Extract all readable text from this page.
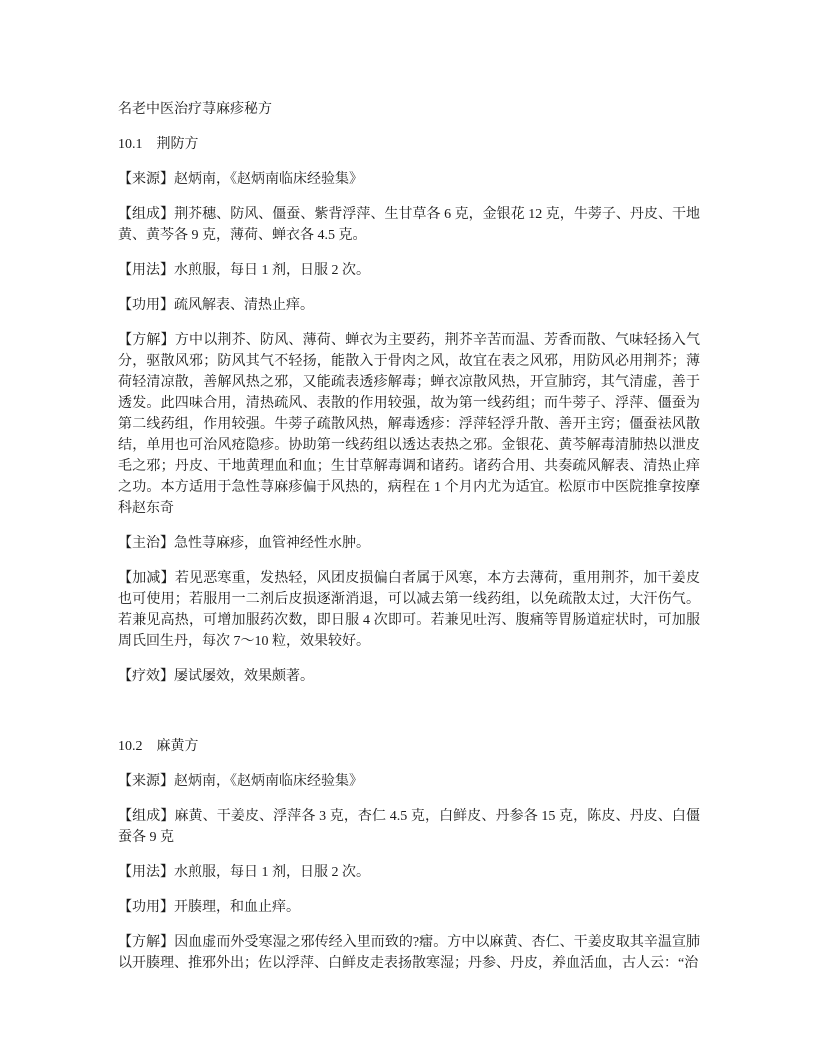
名老中医治疗荨麻疹秘方

10.1　荆防方

【来源】赵炳南，《赵炳南临床经验集》

【组成】荆芥穗、防风、僵蚕、紫背浮萍、生甘草各 6 克，金银花 12 克，牛蒡子、丹皮、干地黄、黄芩各 9 克，薄荷、蝉衣各 4.5 克。

【用法】水煎服，每日 1 剂，日服 2 次。

【功用】疏风解表、清热止痒。

【方解】方中以荆芥、防风、薄荷、蝉衣为主要药，荆芥辛苦而温、芳香而散、气味轻扬入气分，驱散风邪；防风其气不轻扬，能散入于骨肉之风，故宜在表之风邪，用防风必用荆芥；薄荷轻清凉散，善解风热之邪，又能疏表透疹解毒；蝉衣凉散风热，开宣肺窍，其气清虚，善于透发。此四味合用，清热疏风、表散的作用较强，故为第一线药组；而牛蒡子、浮萍、僵蚕为第二线药组，作用较强。牛蒡子疏散风热，解毒透疹：浮萍轻浮升散、善开主窍；僵蚕祛风散结，单用也可治风疮隐疹。协助第一线药组以透达表热之邪。金银花、黄芩解毒清肺热以泄皮毛之邪；丹皮、干地黄理血和血；生甘草解毒调和诸药。诸药合用、共奏疏风解表、清热止痒之功。本方适用于急性荨麻疹偏于风热的，病程在 1 个月内尤为适宜。松原市中医院推拿按摩科赵东奇

【主治】急性荨麻疹，血管神经性水肿。

【加减】若见恶寒重，发热轻，风团皮损偏白者属于风寒，本方去薄荷，重用荆芥，加干姜皮也可使用；若服用一二剂后皮损逐渐消退，可以减去第一线药组，以免疏散太过，大汗伤气。若兼见高热，可增加服药次数，即日服 4 次即可。若兼见吐泻、腹痛等胃肠道症状时，可加服周氏回生丹，每次 7～10 粒，效果较好。

【疗效】屡试屡效，效果颇著。

10.2　麻黄方

【来源】赵炳南，《赵炳南临床经验集》

【组成】麻黄、干姜皮、浮萍各 3 克，杏仁 4.5 克，白鲜皮、丹参各 15 克，陈皮、丹皮、白僵蚕各 9 克

【用法】水煎服，每日 1 剂，日服 2 次。

【功用】开腠理，和血止痒。

【方解】因血虚而外受寒湿之邪传经入里而致的?癗。方中以麻黄、杏仁、干姜皮取其辛温宣肺以开腠理、推邪外出；佐以浮萍、白鲜皮走表扬散寒湿；丹参、丹皮，养血活血，古人云：“治
